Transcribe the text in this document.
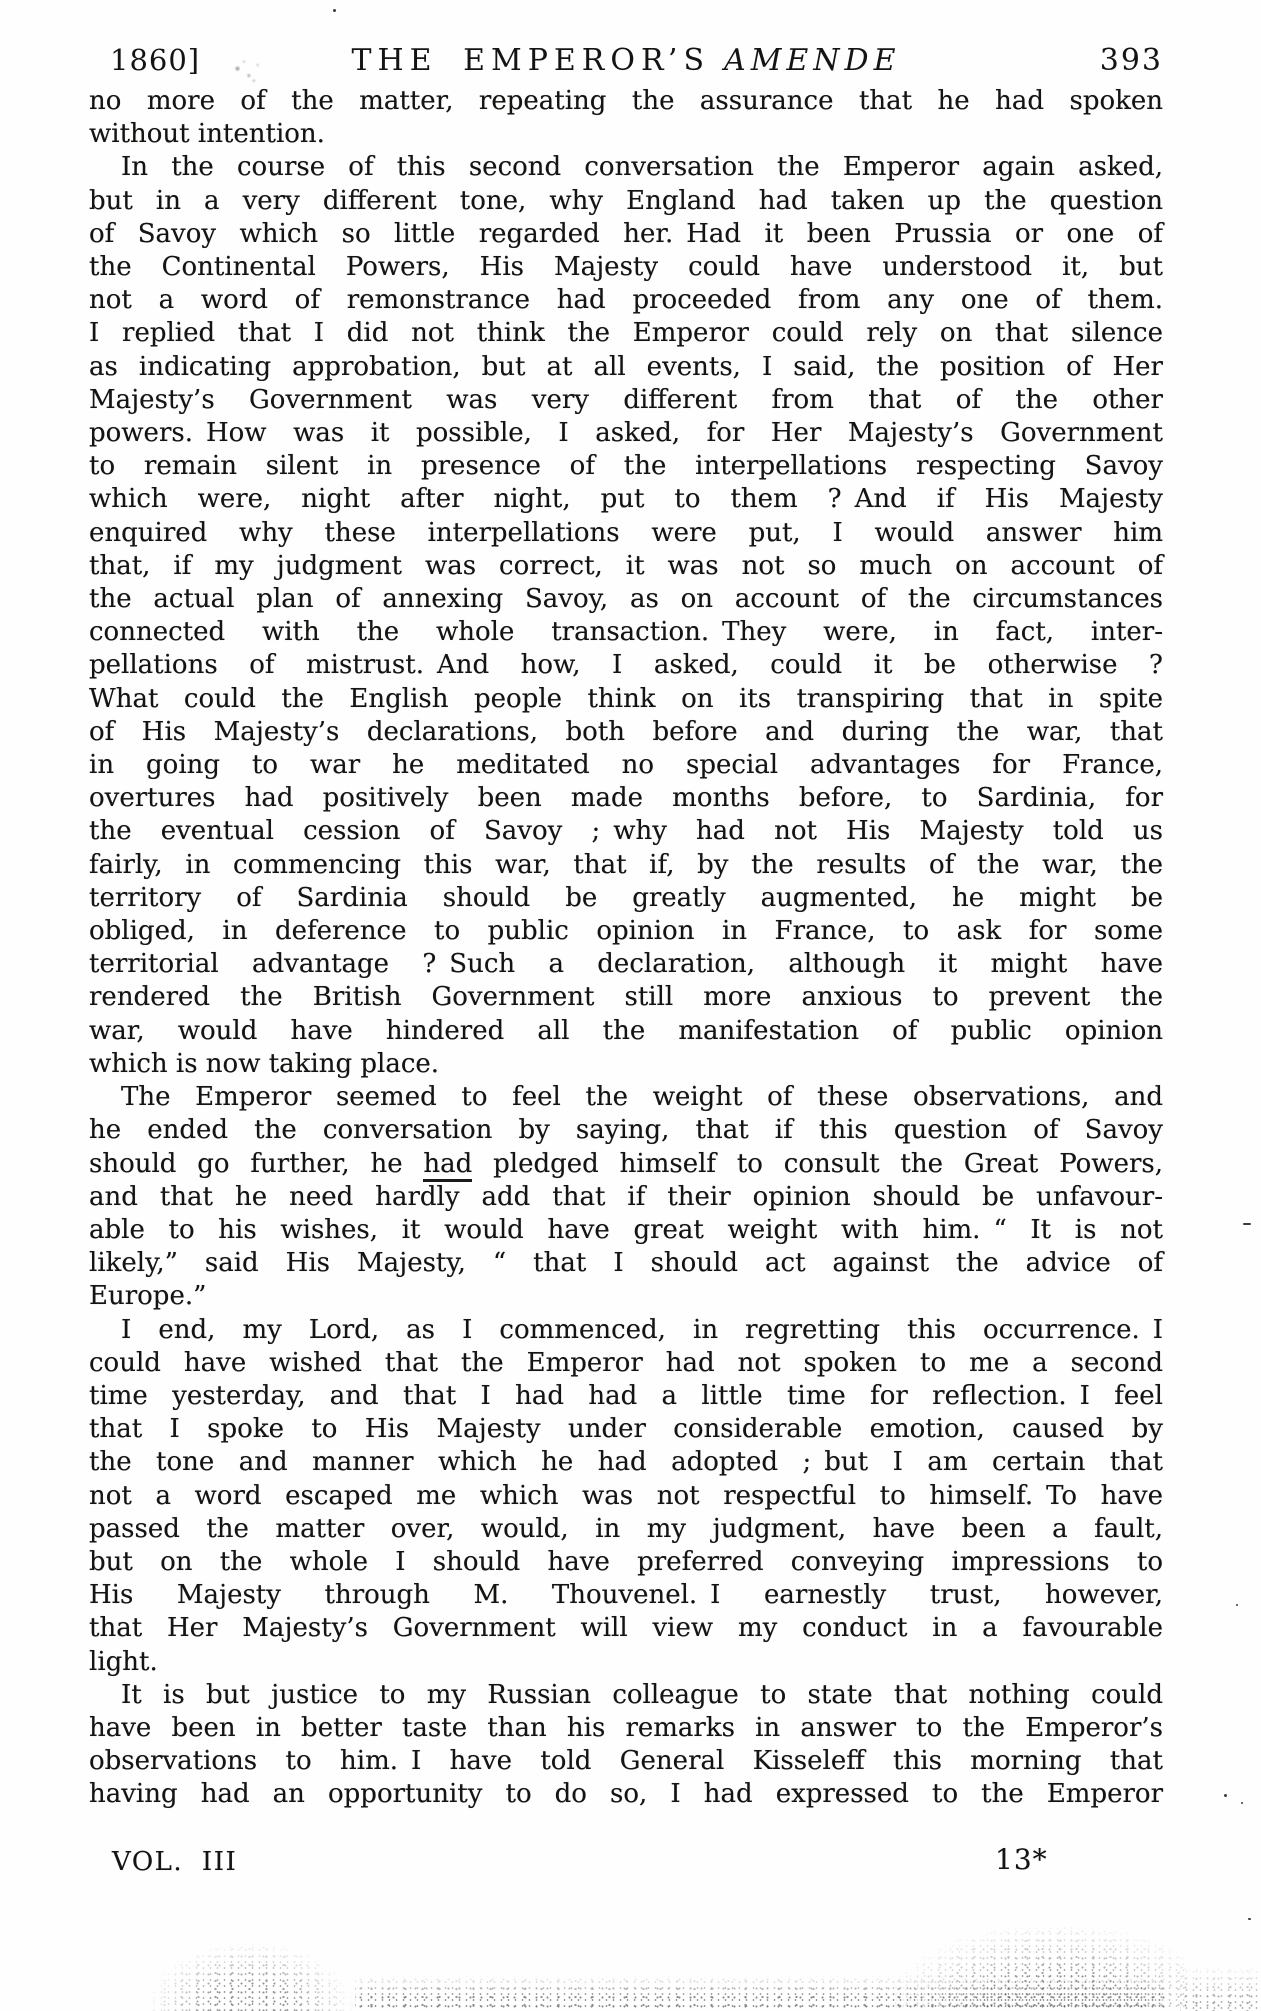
1860]	THE EMPEROR’S AMENDE	393
no more of the matter, repeating the assurance that he had spoken
without intention.
In the course of this second conversation the Emperor again asked,
but in a very different tone, why England had taken up the question
of Savoy which so little regarded her. Had it been Prussia or one of
the Continental Powers, His Majesty could have understood it, but
not a word of remonstrance had proceeded from any one of them.
I replied that I did not think the Emperor could rely on that silence
as indicating approbation, but at all events, I said, the position of Her
Majesty’s Government was very different from that of the other
powers. How was it possible, I asked, for Her Majesty’s Government
to remain silent in presence of the interpellations respecting Savoy
which were, night after night, put to them ? And if His Majesty
enquired why these interpellations were put, I would answer him
that, if my judgment was correct, it was not so much on account of
the actual plan of annexing Savoy, as on account of the circumstances
connected with the whole transaction. They were, in fact, inter-
pellations of mistrust. And how, I asked, could it be otherwise ?
What could the English people think on its transpiring that in spite
of His Majesty’s declarations, both before and during the war, that
in going to war he meditated no special advantages for France,
overtures had positively been made months before, to Sardinia, for
the eventual cession of Savoy ; why had not His Majesty told us
fairly, in commencing this war, that if, by the results of the war, the
territory of Sardinia should be greatly augmented, he might be
obliged, in deference to public opinion in France, to ask for some
territorial advantage ? Such a declaration, although it might have
rendered the British Government still more anxious to prevent the
war, would have hindered all the manifestation of public opinion
which is now taking place.
The Emperor seemed to feel the weight of these observations, and
he ended the conversation by saying, that if this question of Savoy
should go further, he had pledged himself to consult the Great Powers,
and that he need hardly add that if their opinion should be unfavour-
able to his wishes, it would have great weight with him. “ It is not
likely,” said His Majesty, “ that I should act against the advice of
Europe.”
I end, my Lord, as I commenced, in regretting this occurrence. I
could have wished that the Emperor had not spoken to me a second
time yesterday, and that I had had a little time for reflection. I feel
that I spoke to His Majesty under considerable emotion, caused by
the tone and manner which he had adopted ; but I am certain that
not a word escaped me which was not respectful to himself. To have
passed the matter over, would, in my judgment, have been a fault,
but on the whole I should have preferred conveying impressions to
His Majesty through M. Thouvenel. I earnestly trust, however,
that Her Majesty’s Government will view my conduct in a favourable
light.
It is but justice to my Russian colleague to state that nothing could
have been in better taste than his remarks in answer to the Emperor’s
observations to him. I have told General Kisseleff this morning that
having had an opportunity to do so, I had expressed to the Emperor
VOL. III	13*
